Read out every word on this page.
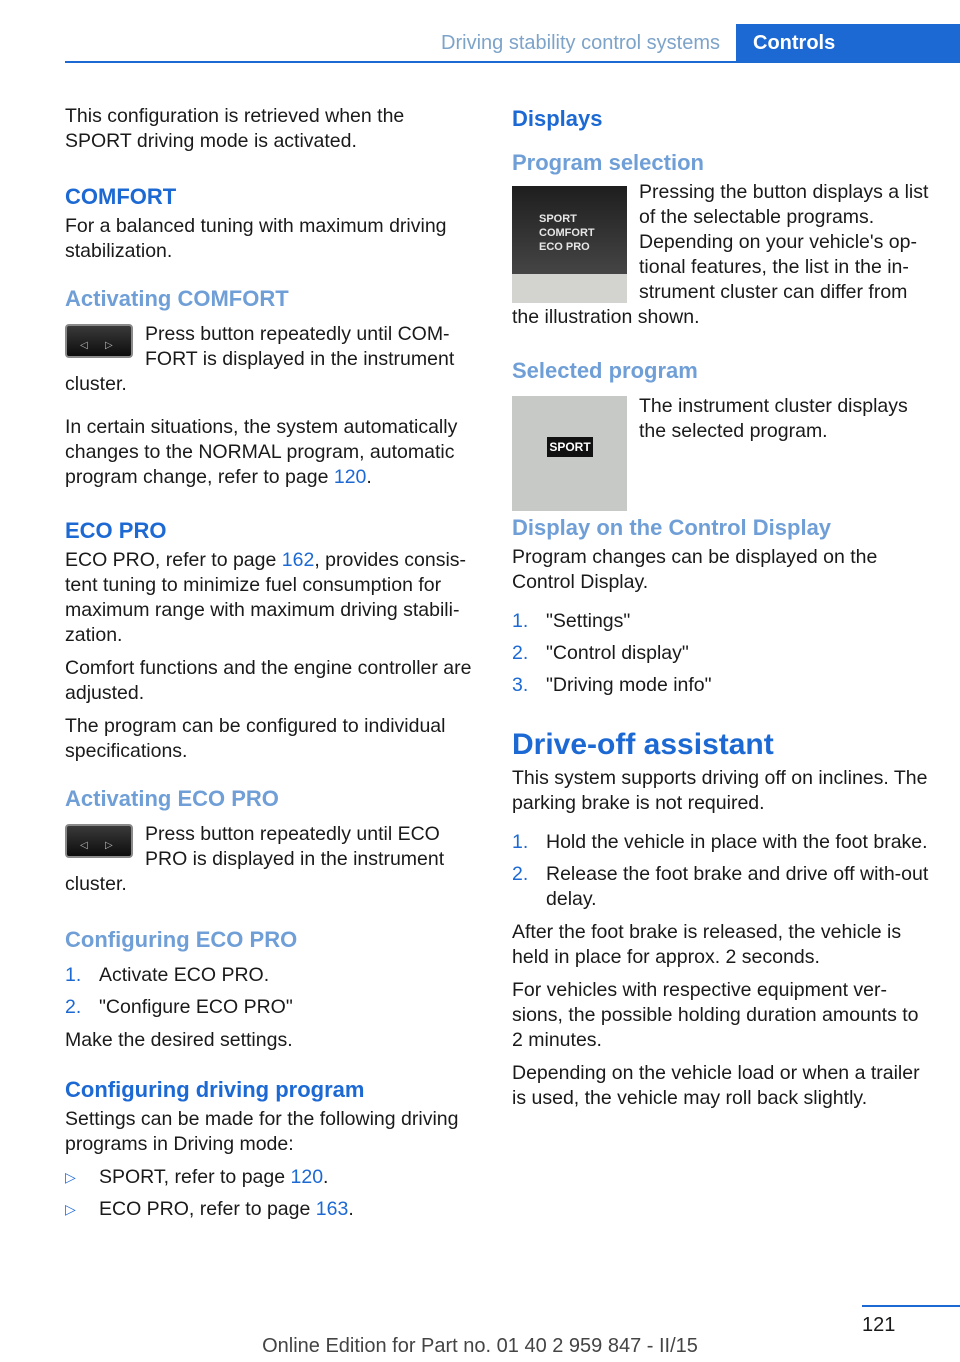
Driving stability control systems	Controls

This configuration is retrieved when the SPORT driving mode is activated.

COMFORT

For a balanced tuning with maximum driving stabilization.

Activating COMFORT
◁ ▷

Press button repeatedly until COM‐FORT is displayed in the instrument cluster.

In certain situations, the system automatically changes to the NORMAL program, automatic program change, refer to page 120.

ECO PRO

ECO PRO, refer to page 162, provides consis‐tent tuning to minimize fuel consumption for maximum range with maximum driving stabili‐zation.

Comfort functions and the engine controller are adjusted.

The program can be configured to individual specifications.

Activating ECO PRO
◁ ▷

Press button repeatedly until ECO PRO is displayed in the instrument cluster.

Configuring ECO PRO
1. Activate ECO PRO.
2. "Configure ECO PRO"

Make the desired settings.

Configuring driving program

Settings can be made for the following driving programs in Driving mode:

▷ SPORT, refer to page 120.
▷ ECO PRO, refer to page 163.
Displays
Program selection
SPORT
COMFORT
ECO PRO

Pressing the button displays a list of the selectable programs. Depending on your vehicle's op‐tional features, the list in the in‐strument cluster can differ from the illustration shown.

Selected program
SPORT

The instrument cluster displays the selected program.

Display on the Control Display

Program changes can be displayed on the Control Display.

1. "Settings"
2. "Control display"
3. "Driving mode info"
Drive-off assistant

This system supports driving off on inclines. The parking brake is not required.

1. Hold the vehicle in place with the foot brake.
2. Release the foot brake and drive off with‐out delay.

After the foot brake is released, the vehicle is held in place for approx. 2 seconds.

For vehicles with respective equipment ver‐sions, the possible holding duration amounts to 2 minutes.

Depending on the vehicle load or when a trailer is used, the vehicle may roll back slightly.

121
Online Edition for Part no. 01 40 2 959 847 - II/15
